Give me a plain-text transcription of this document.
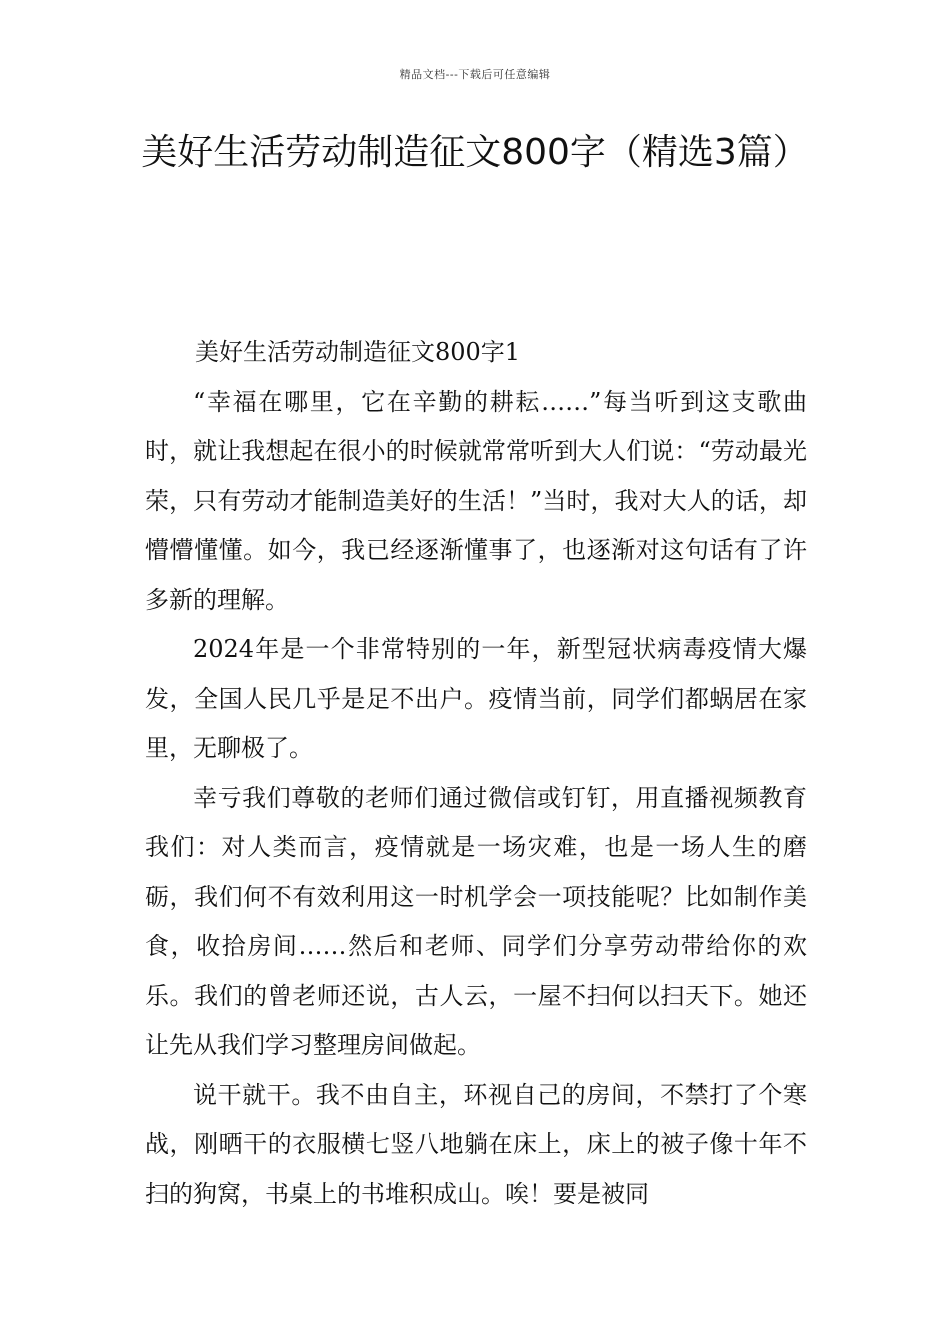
精品文档---下载后可任意编辑
美好生活劳动制造征文800字（精选3篇）

美好生活劳动制造征文800字1

“幸福在哪里，它在辛勤的耕耘……”每当听到这支歌曲时，就让我想起在很小的时候就常常听到大人们说：“劳动最光荣，只有劳动才能制造美好的生活！”当时，我对大人的话，却懵懵懂懂。如今，我已经逐渐懂事了，也逐渐对这句话有了许多新的理解。

2024年是一个非常特别的一年，新型冠状病毒疫情大爆发，全国人民几乎是足不出户。疫情当前，同学们都蜗居在家里，无聊极了。

幸亏我们尊敬的老师们通过微信或钉钉，用直播视频教育我们：对人类而言，疫情就是一场灾难，也是一场人生的磨砺，我们何不有效利用这一时机学会一项技能呢？比如制作美食，收拾房间……然后和老师、同学们分享劳动带给你的欢乐。我们的曾老师还说，古人云，一屋不扫何以扫天下。她还让先从我们学习整理房间做起。

说干就干。我不由自主，环视自己的房间，不禁打了个寒战，刚晒干的衣服横七竖八地躺在床上，床上的被子像十年不扫的狗窝，书桌上的书堆积成山。唉！要是被同
